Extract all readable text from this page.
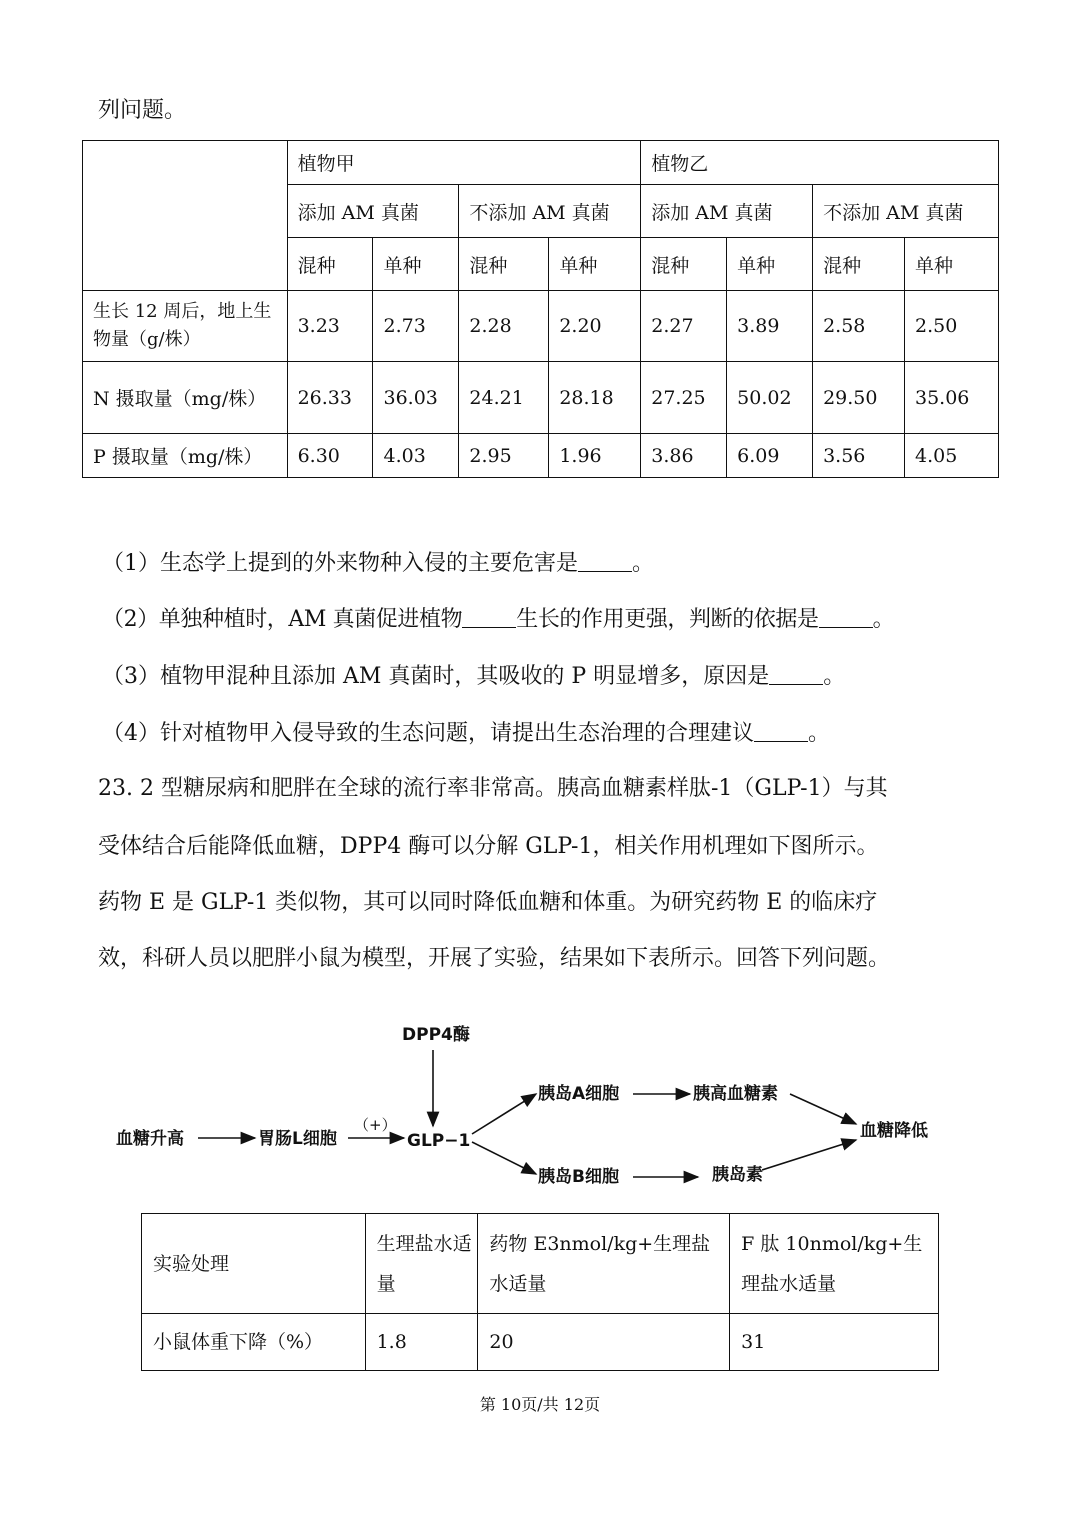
列问题。
	植物甲				植物乙			
	添加 AM 真菌		不添加 AM 真菌		添加 AM 真菌		不添加 AM 真菌	
	混种	单种	混种	单种	混种	单种	混种	单种
生长 12 周后，地上生物量（g/株）	3.23	2.73	2.28	2.20	2.27	3.89	2.58	2.50
N 摄取量（mg/株）	26.33	36.03	24.21	28.18	27.25	50.02	29.50	35.06
P 摄取量（mg/株）	6.30	4.03	2.95	1.96	3.86	6.09	3.56	4.05
（1）生态学上提到的外来物种入侵的主要危害是 。
（2）单独种植时，AM 真菌促进植物 生长的作用更强，判断的依据是 。
（3）植物甲混种且添加 AM 真菌时，其吸收的 P 明显增多，原因是 。
（4）针对植物甲入侵导致的生态问题，请提出生态治理的合理建议 。
23. 2 型糖尿病和肥胖在全球的流行率非常高。胰高血糖素样肽-1（GLP-1）与其
受体结合后能降低血糖，DPP4 酶可以分解 GLP-1，相关作用机理如下图所示。
药物 E 是 GLP-1 类似物，其可以同时降低血糖和体重。为研究药物 E 的临床疗
效，科研人员以肥胖小鼠为模型，开展了实验，结果如下表所示。回答下列问题。
DPP4酶
血糖升高	胃肠L细胞
（+）
GLP−1
胰岛A细胞	胰高血糖素
胰岛B细胞	胰岛素
血糖降低
实验处理	生理盐水适量	药物 E3nmol/kg+生理盐水适量	F 肽 10nmol/kg+生理盐水适量
小鼠体重下降（%）	1.8	20	31
第 10页/共 12页
